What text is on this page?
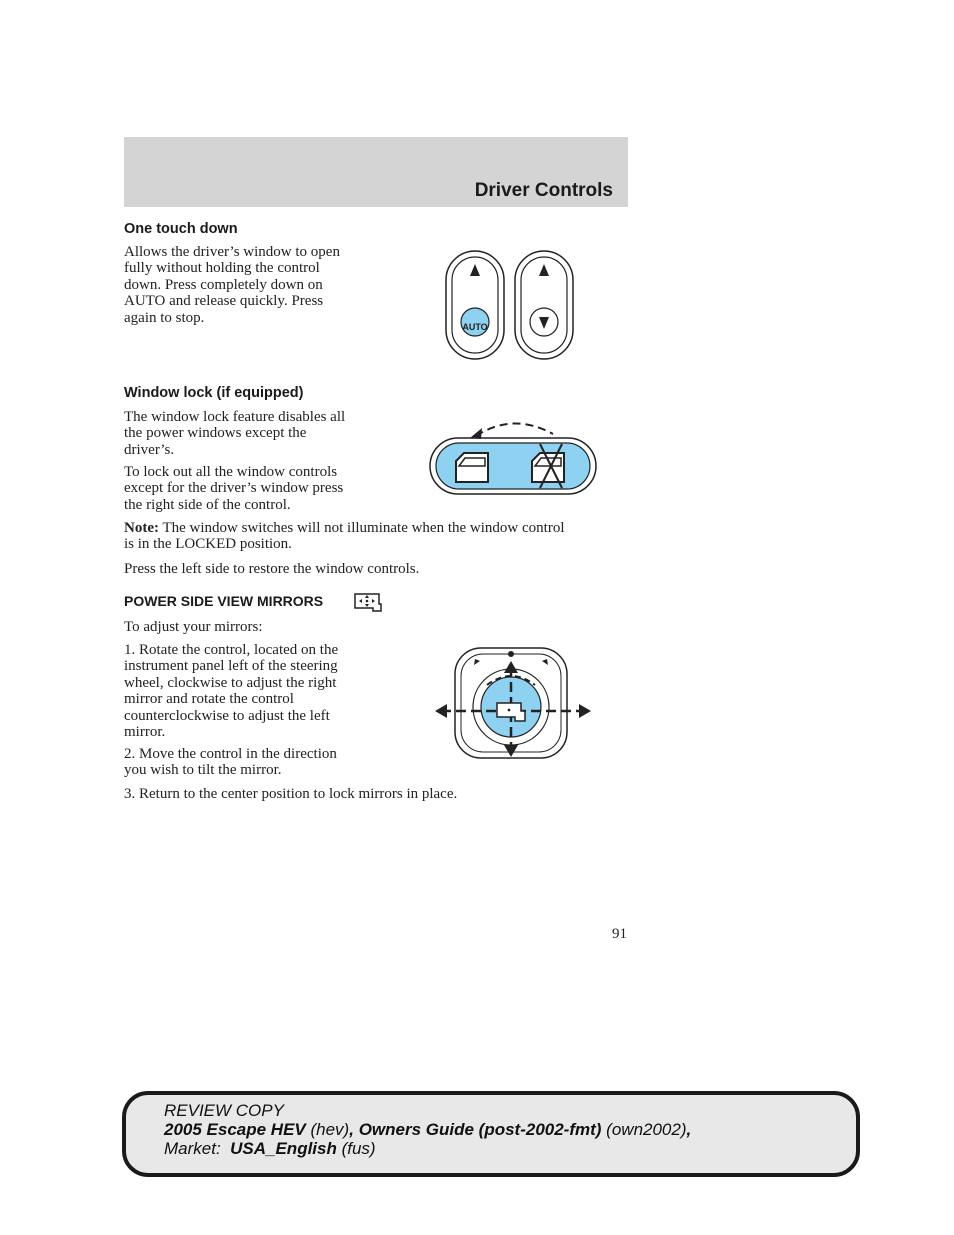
Driver Controls

One touch down

Allows the driver’s window to open
fully without holding the control
down. Press completely down on
AUTO and release quickly. Press
again to stop.
AUTO

Window lock (if equipped)

The window lock feature disables all
the power windows except the
driver’s.
To lock out all the window controls
except for the driver’s window press
the right side of the control.
Note: The window switches will not illuminate when the window control
is in the LOCKED position.
Press the left side to restore the window controls.

POWER SIDE VIEW MIRRORS

To adjust your mirrors:
1. Rotate the control, located on the
instrument panel left of the steering
wheel, clockwise to adjust the right
mirror and rotate the control
counterclockwise to adjust the left
mirror.
2. Move the control in the direction
you wish to tilt the mirror.
3. Return to the center position to lock mirrors in place.
91
REVIEW COPY
2005 Escape HEV (hev), Owners Guide (post-2002-fmt) (own2002),
Market:  USA_English (fus)
